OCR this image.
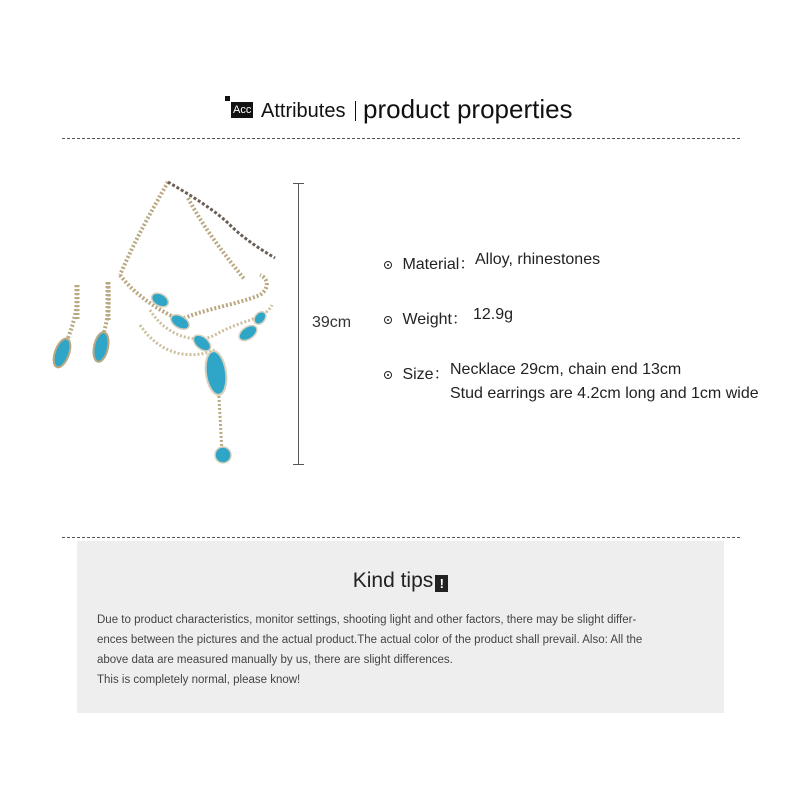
Acc Attributes product properties
39cm
Material： Alloy, rhinestones
Weight： 12.9g
Size： Necklace 29cm, chain end 13cm
Stud earrings are 4.2cm long and 1cm wide
Kind tips !

Due to product characteristics, monitor settings, shooting light and other factors, there may be slight differ-

ences between the pictures and the actual product.The actual color of the product shall prevail. Also: All the

above data are measured manually by us, there are slight differences.

This is completely normal, please know!
